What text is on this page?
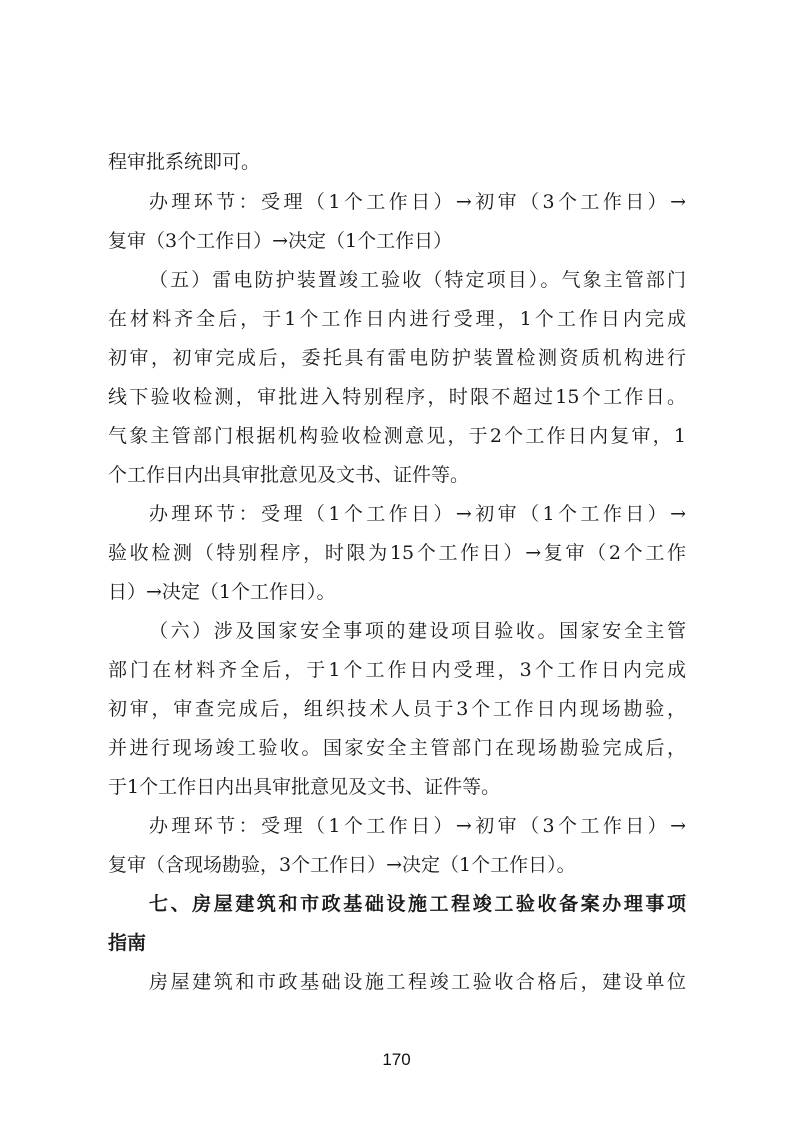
程审批系统即可。
办理环节：受理（1个工作日）→初审（3个工作日）→
复审（3个工作日）→决定（1个工作日）
（五）雷电防护装置竣工验收（特定项目）。气象主管部门
在材料齐全后，于1个工作日内进行受理，1个工作日内完成
初审，初审完成后，委托具有雷电防护装置检测资质机构进行
线下验收检测，审批进入特别程序，时限不超过15个工作日。
气象主管部门根据机构验收检测意见，于2个工作日内复审，1
个工作日内出具审批意见及文书、证件等。
办理环节：受理（1个工作日）→初审（1个工作日）→
验收检测（特别程序，时限为15个工作日）→复审（2个工作
日）→决定（1个工作日）。
（六）涉及国家安全事项的建设项目验收。国家安全主管
部门在材料齐全后，于1个工作日内受理，3个工作日内完成
初审，审查完成后，组织技术人员于3个工作日内现场勘验，
并进行现场竣工验收。国家安全主管部门在现场勘验完成后，
于1个工作日内出具审批意见及文书、证件等。
办理环节：受理（1个工作日）→初审（3个工作日）→
复审（含现场勘验，3个工作日）→决定（1个工作日）。
七、房屋建筑和市政基础设施工程竣工验收备案办理事项
指南
房屋建筑和市政基础设施工程竣工验收合格后，建设单位
170
